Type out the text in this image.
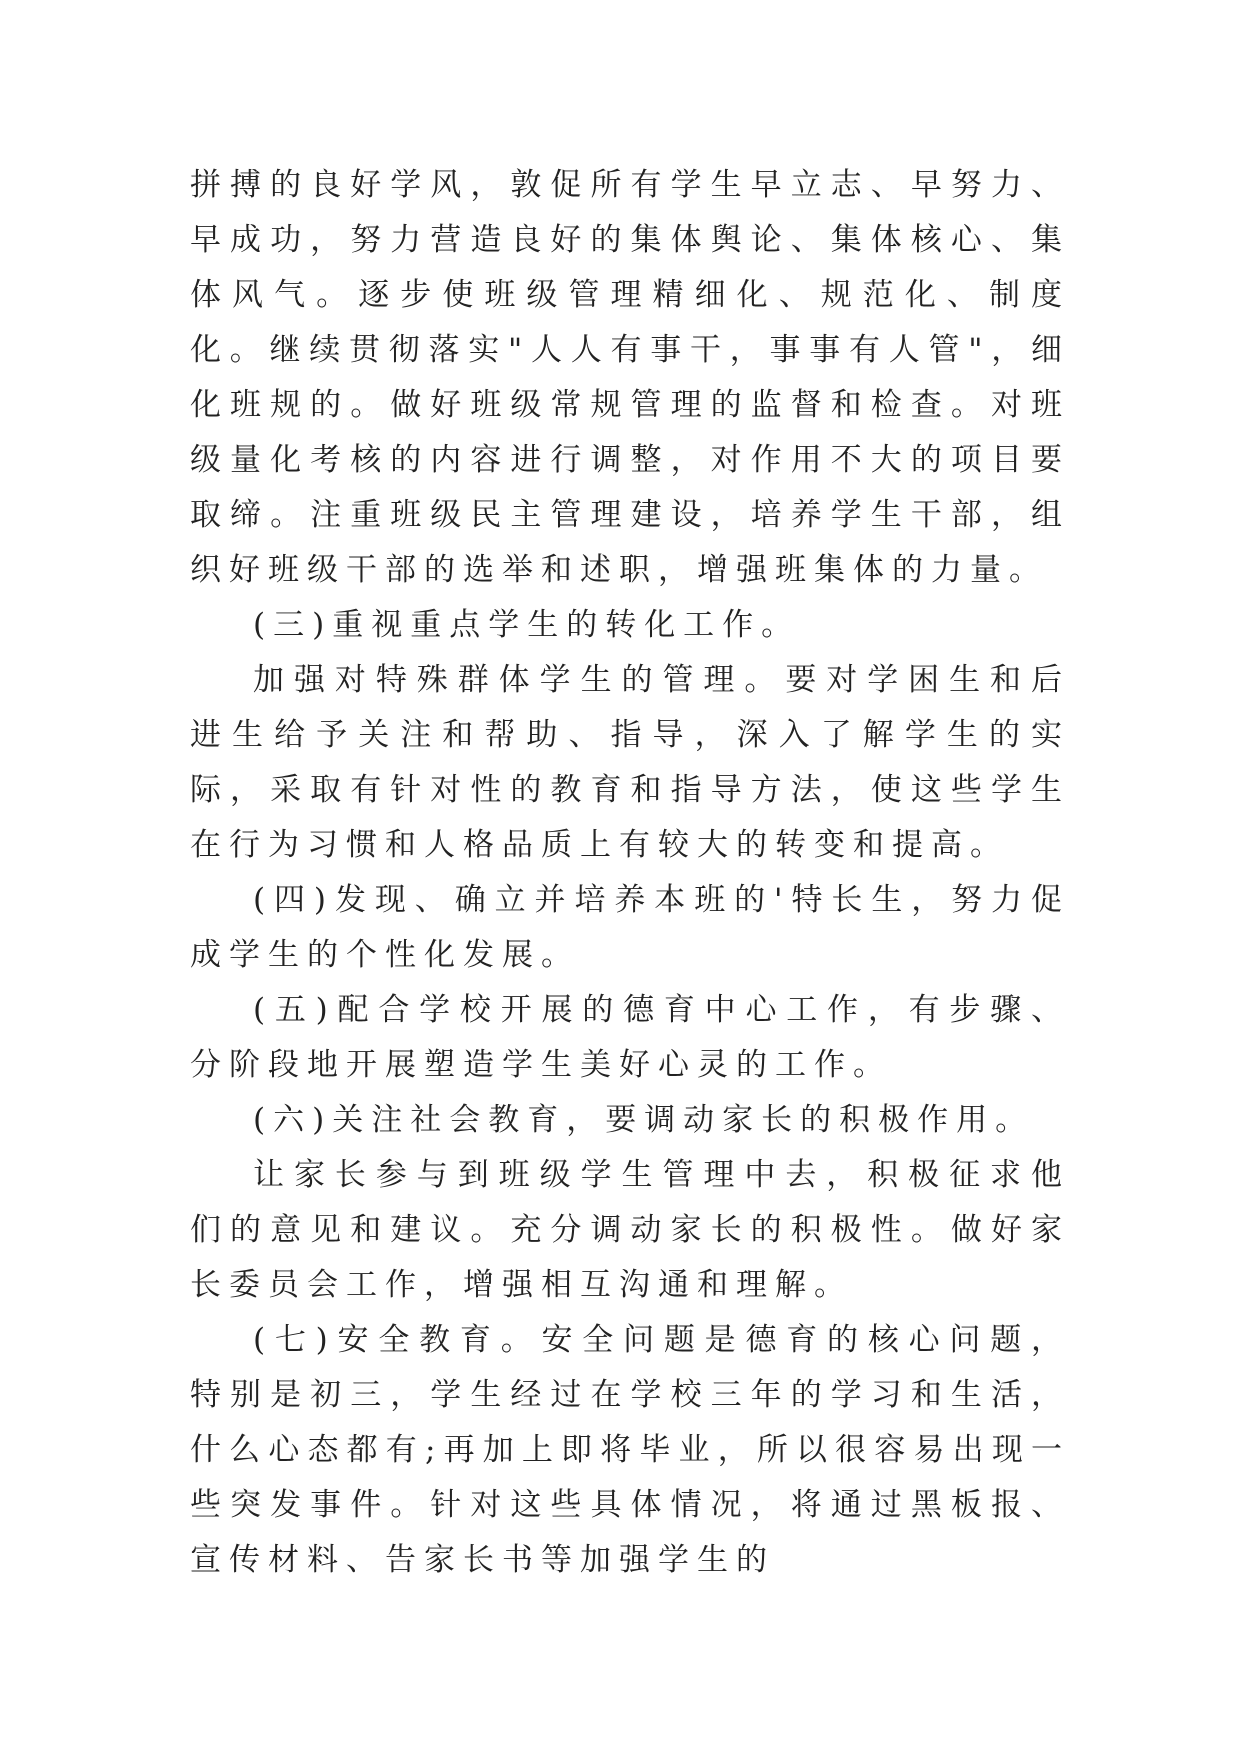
拼搏的良好学风，敦促所有学生早立志、早努力、早成功，努力营造良好的集体舆论、集体核心、集体风气。逐步使班级管理精细化、规范化、制度化。继续贯彻落实"人人有事干，事事有人管"，细化班规的。做好班级常规管理的监督和检查。对班级量化考核的内容进行调整，对作用不大的项目要取缔。注重班级民主管理建设，培养学生干部，组织好班级干部的选举和述职，增强班集体的力量。

(三)重视重点学生的转化工作。

加强对特殊群体学生的管理。要对学困生和后进生给予关注和帮助、指导，深入了解学生的实际，采取有针对性的教育和指导方法，使这些学生在行为习惯和人格品质上有较大的转变和提高。

(四)发现、确立并培养本班的'特长生，努力促成学生的个性化发展。

(五)配合学校开展的德育中心工作，有步骤、分阶段地开展塑造学生美好心灵的工作。

(六)关注社会教育，要调动家长的积极作用。

让家长参与到班级学生管理中去，积极征求他们的意见和建议。充分调动家长的积极性。做好家长委员会工作，增强相互沟通和理解。

(七)安全教育。安全问题是德育的核心问题，特别是初三，学生经过在学校三年的学习和生活，什么心态都有;再加上即将毕业，所以很容易出现一些突发事件。针对这些具体情况，将通过黑板报、宣传材料、告家长书等加强学生的
